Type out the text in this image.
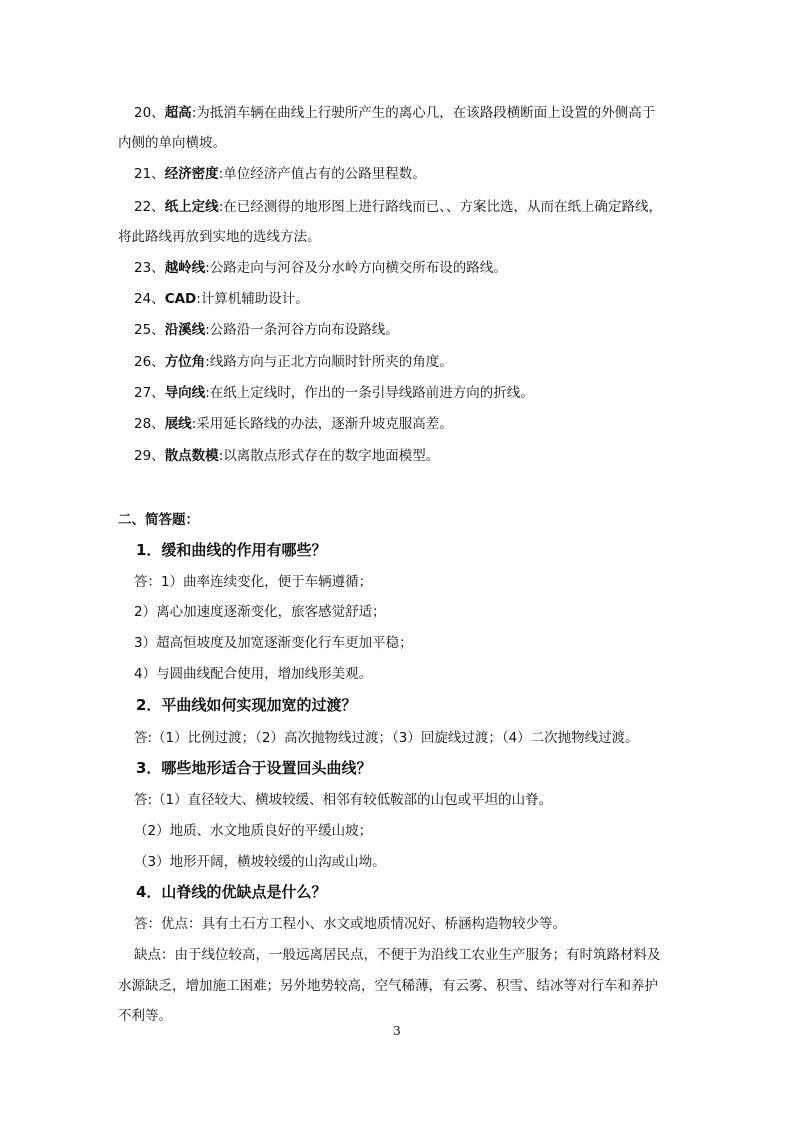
20、超高:为抵消车辆在曲线上行驶所产生的离心几，在该路段横断面上设置的外侧高于
内侧的单向横坡。
21、经济密度:单位经济产值占有的公路里程数。
22、纸上定线:在已经测得的地形图上进行路线而已、、方案比选，从而在纸上确定路线，
将此路线再放到实地的选线方法。
23、越岭线:公路走向与河谷及分水岭方向横交所布设的路线。
24、CAD:计算机辅助设计。
25、沿溪线:公路沿一条河谷方向布设路线。
26、方位角:线路方向与正北方向顺时针所夹的角度。
27、导向线:在纸上定线时，作出的一条引导线路前进方向的折线。
28、展线:采用延长路线的办法，逐渐升坡克服高差。
29、散点数模:以离散点形式存在的数字地面模型。
二、简答题：
1．缓和曲线的作用有哪些？
答：1）曲率连续变化，便于车辆遵循；
2）离心加速度逐渐变化，旅客感觉舒适；
3）超高恒坡度及加宽逐渐变化行车更加平稳；
4）与圆曲线配合使用，增加线形美观。
2．平曲线如何实现加宽的过渡？
答:（1）比例过渡；（2）高次抛物线过渡；（3）回旋线过渡；（4）二次抛物线过渡。
3．哪些地形适合于设置回头曲线？
答:（1）直径较大、横坡较缓、相邻有较低鞍部的山包或平坦的山脊。
（2）地质、水文地质良好的平缓山坡；
（3）地形开阔，横坡较缓的山沟或山坳。
4．山脊线的优缺点是什么？
答：优点：具有土石方工程小、水文或地质情况好、桥涵构造物较少等。
缺点：由于线位较高，一般远离居民点，不便于为沿线工农业生产服务；有时筑路材料及
水源缺乏，增加施工困难；另外地势较高，空气稀薄，有云雾、积雪、结冰等对行车和养护
不利等。
3
